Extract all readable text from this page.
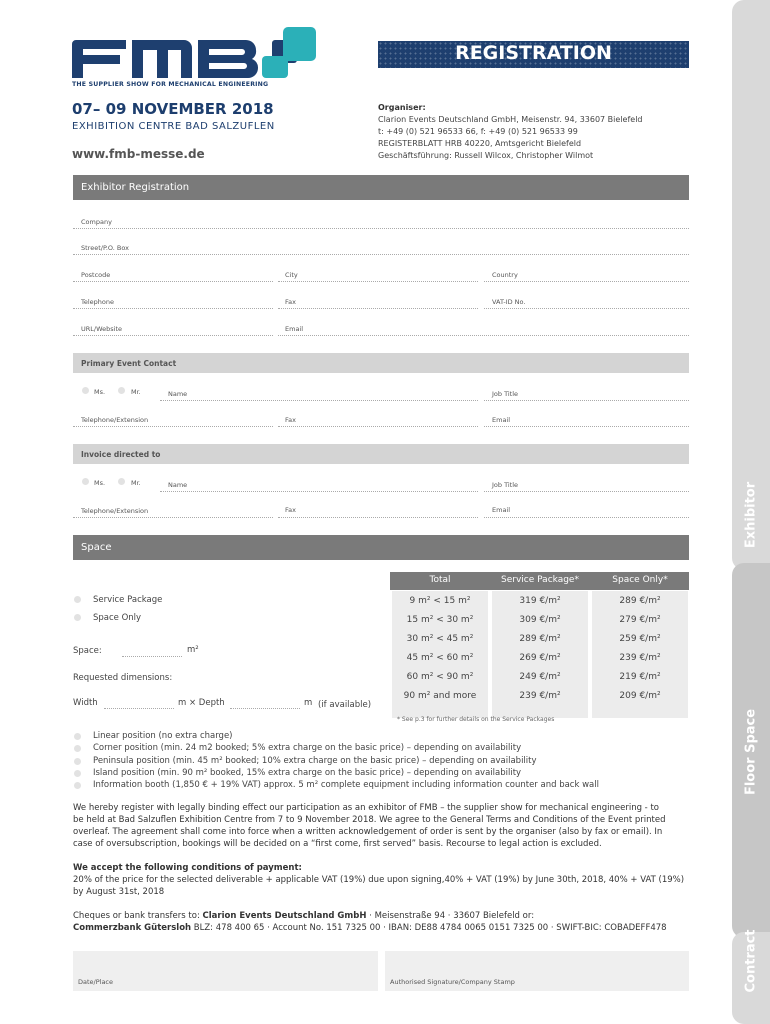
Exhibitor
Floor Space
Contract
THE SUPPLIER SHOW FOR MECHANICAL ENGINEERING
07– 09 NOVEMBER 2018
EXHIBITION CENTRE BAD SALZUFLEN
www.fmb-messe.de
REGISTRATION
Organiser:
Clarion Events Deutschland GmbH, Meisenstr. 94, 33607 Bielefeld
t: +49 (0) 521 96533 66, f: +49 (0) 521 96533 99
REGISTERBLATT HRB 40220, Amtsgericht Bielefeld
Geschäftsführung: Russell Wilcox, Christopher Wilmot
Exhibitor Registration
Company
Street/P.O. Box
Postcode	City	Country
Telephone	Fax	VAT-ID No.
URL/Website	Email
Primary Event Contact
Ms.	Mr.	Name	Job Title
Telephone/Extension	Fax	Email
Invoice directed to
Ms.	Mr.	Name	Job Title
Telephone/Extension	Fax	Email
Space
Service Package
Space Only
Space:	m²
Requested dimensions:
Width	m × Depth	m (if available)
Total	Service Package*	Space Only*
9 m² < 15 m²	319 €/m²	289 €/m²
15 m² < 30 m²	309 €/m²	279 €/m²
30 m² < 45 m²	289 €/m²	259 €/m²
45 m² < 60 m²	269 €/m²	239 €/m²
60 m² < 90 m²	249 €/m²	219 €/m²
90 m² and more	239 €/m²	209 €/m²
* See p.3 for further details on the Service Packages
Linear position (no extra charge)
Corner position (min. 24 m2 booked; 5% extra charge on the basic price) – depending on availability
Peninsula position (min. 45 m² booked; 10% extra charge on the basic price) – depending on availability
Island position (min. 90 m² booked, 15% extra charge on the basic price) – depending on availability
Information booth (1,850 € + 19% VAT) approx. 5 m² complete equipment including information counter and back wall
We hereby register with legally binding effect our participation as an exhibitor of FMB – the supplier show for mechanical engineering - to
be held at Bad Salzuflen Exhibition Centre from 7 to 9 November 2018. We agree to the General Terms and Conditions of the Event printed
overleaf. The agreement shall come into force when a written acknowledgement of order is sent by the organiser (also by fax or email). In
case of oversubscription, bookings will be decided on a “first come, first served” basis. Recourse to legal action is excluded.
We accept the following conditions of payment:
20% of the price for the selected deliverable + applicable VAT (19%) due upon signing,40% + VAT (19%) by June 30th, 2018, 40% + VAT (19%)
by August 31st, 2018
Cheques or bank transfers to: Clarion Events Deutschland GmbH · Meisenstraße 94 · 33607 Bielefeld or:
Commerzbank Gütersloh BLZ: 478 400 65 · Account No. 151 7325 00 · IBAN: DE88 4784 0065 0151 7325 00 · SWIFT-BIC: COBADEFF478
Date/Place	Authorised Signature/Company Stamp
